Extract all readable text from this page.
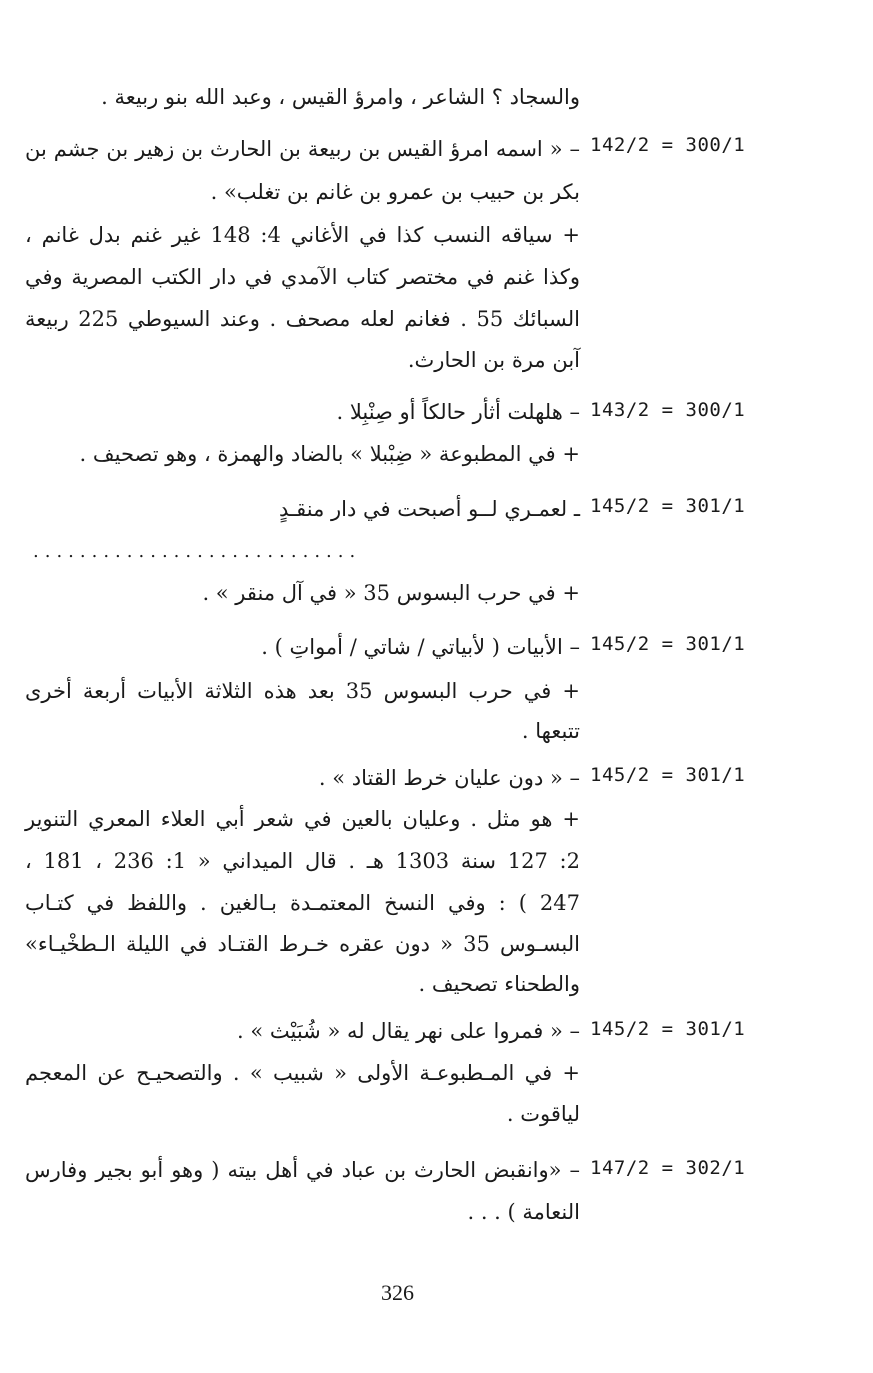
والسجاد ؟ الشاعر ، وامرؤ القيس ، وعبد الله بنو ربيعة .
142/2 = 300/1
– « اسمه امرؤ القيس بن ربيعة بن الحارث بن زهير بن جشم بن
بكر بن حبيب بن عمرو بن غانم بن تغلب» .
+ سياقه النسب كذا في الأغاني 4: 148 غير غنم بدل غانم ،
وكذا غنم في مختصر كتاب الآمدي في دار الكتب المصرية وفي
السبائك 55 . فغانم لعله مصحف . وعند السيوطي 225 ربيعة
آبن مرة بن الحارث.
143/2 = 300/1
– هلهلت أثأر حالكاً أو صِنْبِلا .
+ في المطبوعة « ضِبْبلا » بالضاد والهمزة ، وهو تصحيف .
145/2 = 301/1
ـ لعمـري لــو أصبحت في دار منقـدٍ
............................
+ في حرب البسوس 35 « في آل منقر » .
145/2 = 301/1
– الأبيات ( لأبياتي / شاتي / أمواتِ ) .
+ في حرب البسوس 35 بعد هذه الثلاثة الأبيات أربعة أخرى
تتبعها .
145/2 = 301/1
– « دون عليان خرط القتاد » .
+ هو مثل . وعليان بالعين في شعر أبي العلاء المعري التنوير
2: 127 سنة 1303 هـ . قال الميداني « 1: 236 ، 181 ،
247 ) : وفي النسخ المعتمـدة بـالغين . واللفظ في كتـاب
البسـوس 35 « دون عقره خـرط القتـاد في الليلة الـطخْيـاء»
والطحناء تصحيف .
145/2 = 301/1
– « فمروا على نهر يقال له « شُبَيْث » .
+ في المـطبوعـة الأولى « شبيب » . والتصحيـح عن المعجم
لياقوت .
147/2 = 302/1
– «وانقبض الحارث بن عباد في أهل بيته ( وهو أبو بجير وفارس
النعامة ) . . .
326
